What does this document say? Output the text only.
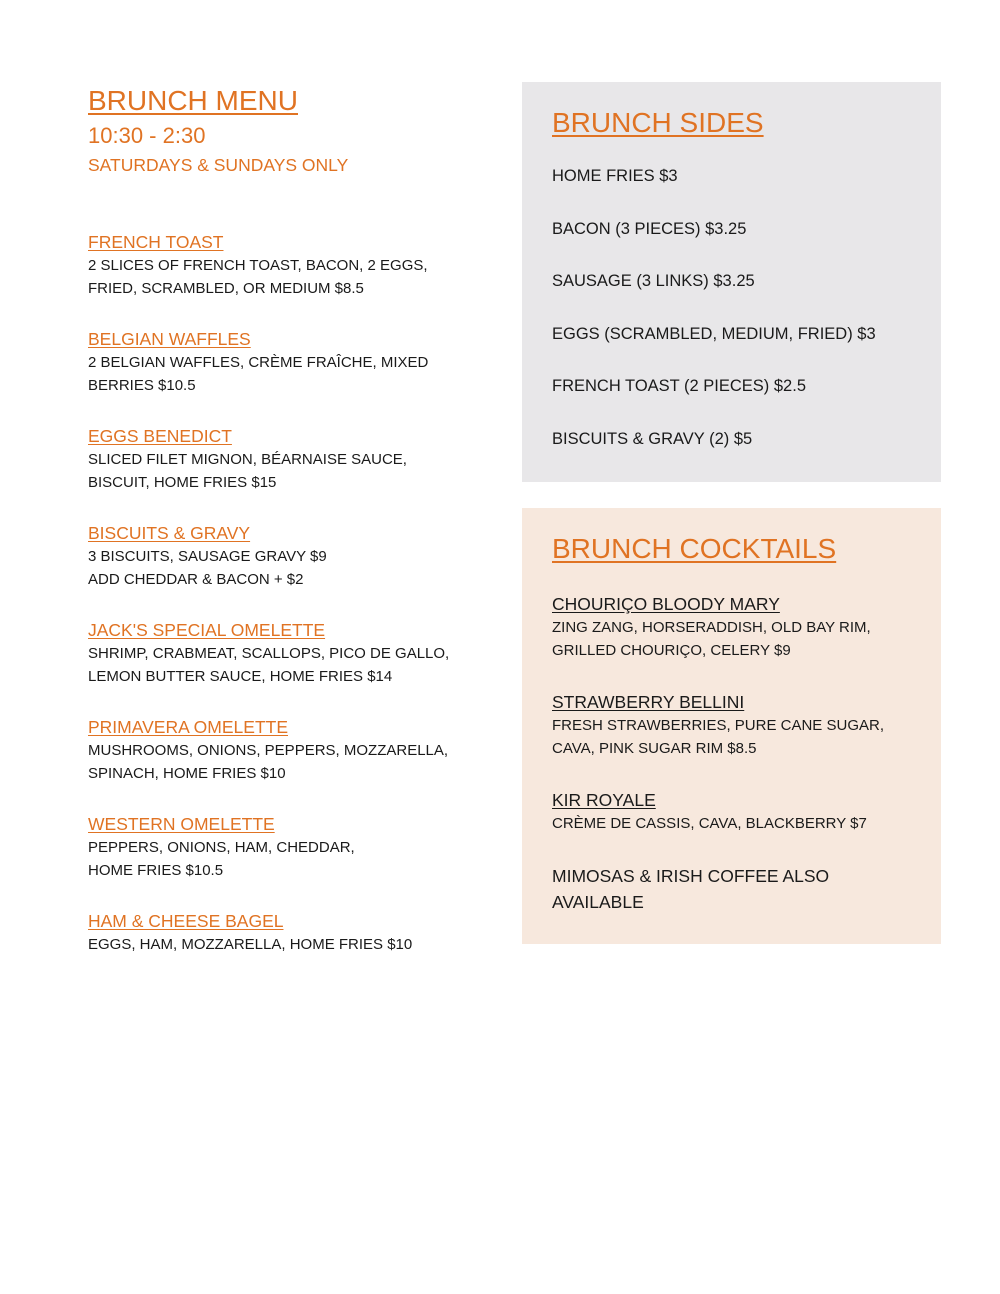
BRUNCH MENU
10:30 - 2:30
SATURDAYS & SUNDAYS ONLY
FRENCH TOAST
2 SLICES OF FRENCH TOAST, BACON, 2 EGGS,
FRIED, SCRAMBLED, OR MEDIUM $8.5
BELGIAN WAFFLES
2 BELGIAN WAFFLES, CRÈME FRAÎCHE, MIXED
BERRIES $10.5
EGGS BENEDICT
SLICED FILET MIGNON, BÉARNAISE SAUCE,
BISCUIT, HOME FRIES $15
BISCUITS & GRAVY
3 BISCUITS, SAUSAGE GRAVY $9
ADD CHEDDAR & BACON + $2
JACK'S SPECIAL OMELETTE
SHRIMP, CRABMEAT, SCALLOPS, PICO DE GALLO,
LEMON BUTTER SAUCE, HOME FRIES $14
PRIMAVERA OMELETTE
MUSHROOMS, ONIONS, PEPPERS, MOZZARELLA,
SPINACH, HOME FRIES $10
WESTERN OMELETTE
PEPPERS, ONIONS, HAM, CHEDDAR,
HOME FRIES $10.5
HAM & CHEESE BAGEL
EGGS, HAM, MOZZARELLA, HOME FRIES $10
BRUNCH SIDES
HOME FRIES $3
BACON (3 PIECES) $3.25
SAUSAGE (3 LINKS) $3.25
EGGS (SCRAMBLED, MEDIUM, FRIED) $3
FRENCH TOAST (2 PIECES) $2.5
BISCUITS & GRAVY (2) $5
BRUNCH COCKTAILS
CHOURIÇO BLOODY MARY
ZING ZANG, HORSERADDISH, OLD BAY RIM,
GRILLED CHOURIÇO, CELERY $9
STRAWBERRY BELLINI
FRESH STRAWBERRIES, PURE CANE SUGAR,
CAVA, PINK SUGAR RIM $8.5
KIR ROYALE
CRÈME DE CASSIS, CAVA, BLACKBERRY $7
MIMOSAS & IRISH COFFEE ALSO AVAILABLE
